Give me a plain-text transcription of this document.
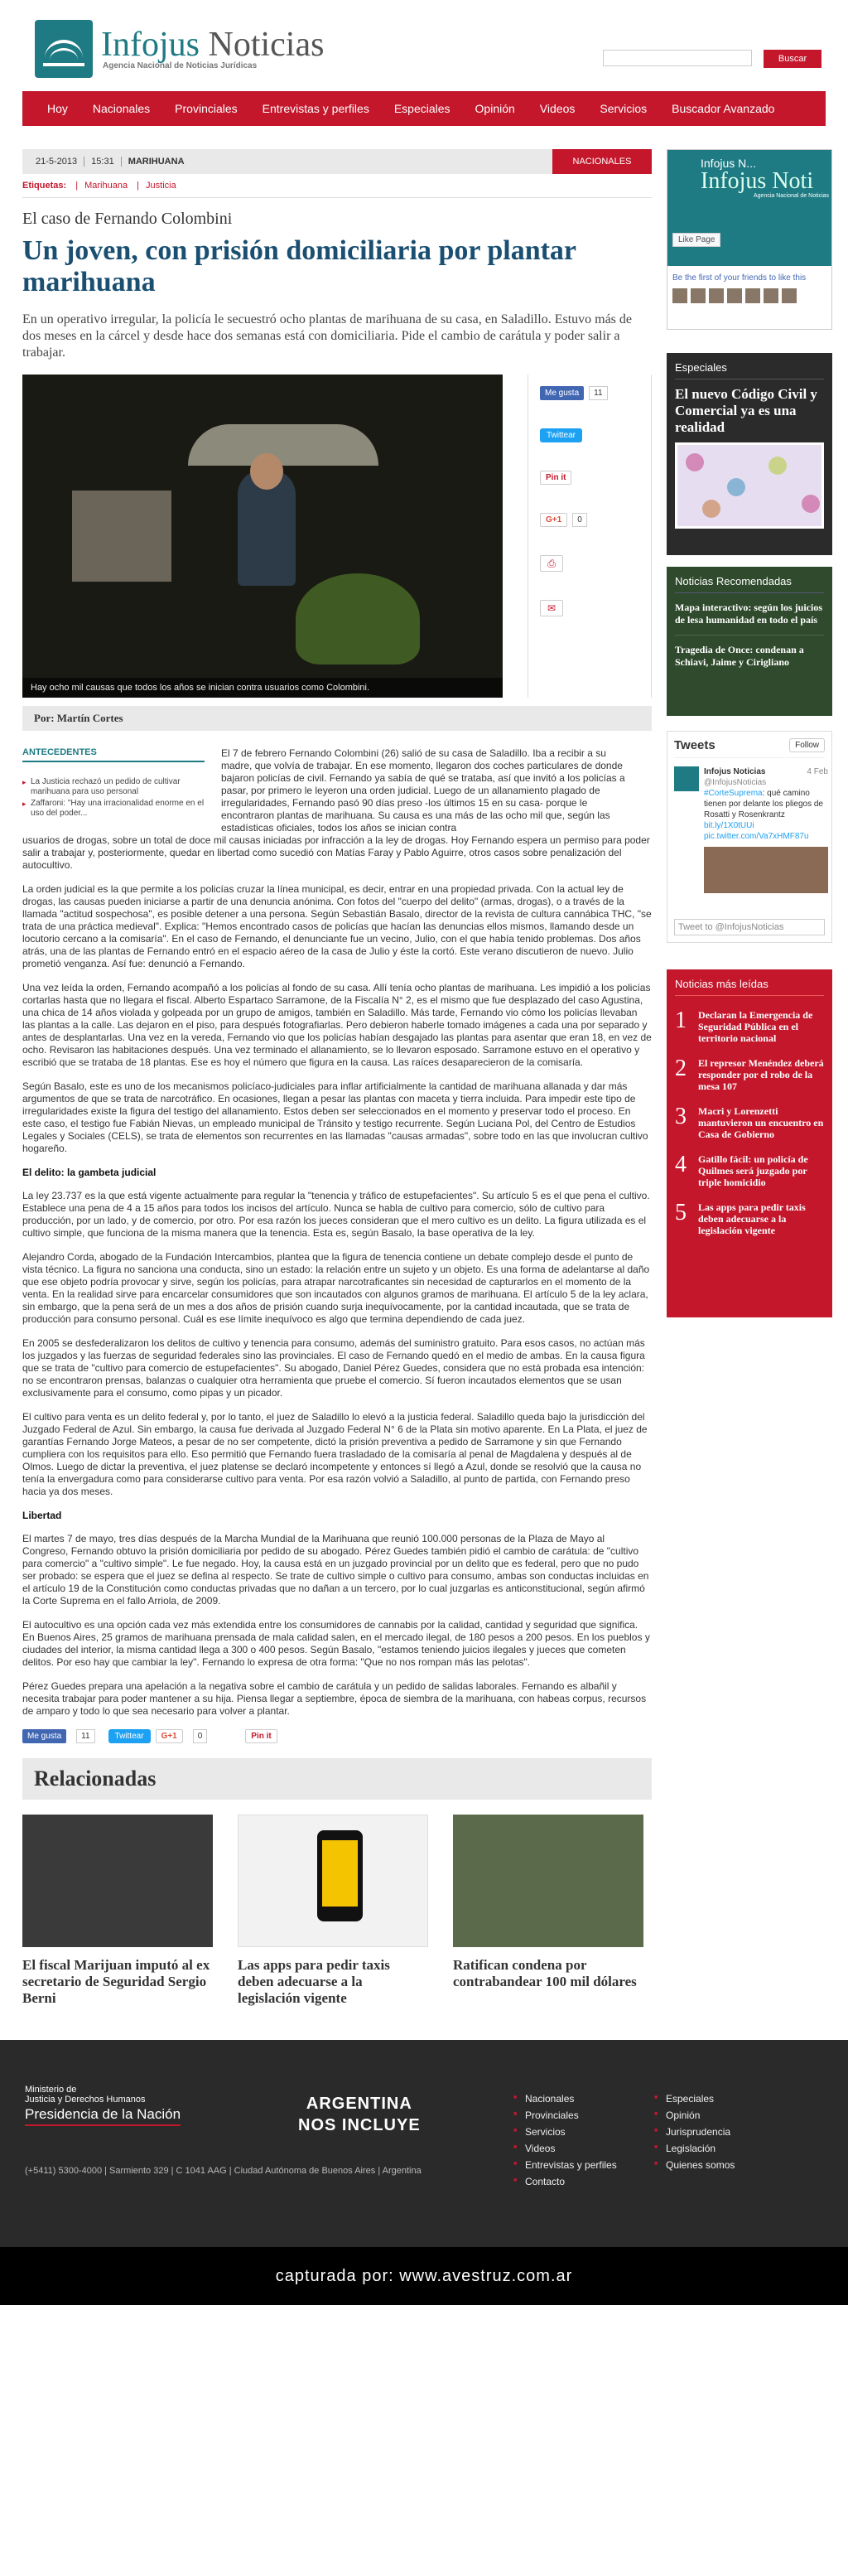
Infojus Noticias
Agencia Nacional de Noticias Jurídicas
Buscar
Hoy	Nacionales	Provinciales	Entrevistas y perfiles	Especiales	Opinión	Videos	Servicios	Buscador Avanzado
21-5-2013	15:31	MARIHUANA	NACIONALES
Etiquetas: | Marihuana | Justicia
El caso de Fernando Colombini
Un joven, con prisión domiciliaria por plantar marihuana

En un operativo irregular, la policía le secuestró ocho plantas de marihuana de su casa, en Saladillo. Estuvo más de dos meses en la cárcel y desde hace dos semanas está con domiciliaria. Pide el cambio de carátula y poder salir a trabajar.

Hay ocho mil causas que todos los años se inician contra usuarios como Colombini.
Me gusta	11
Twittear
Pin it
G+1	0
⎙
✉
Por: Martín Cortes
ANTECEDENTES
▸ La Justicia rechazó un pedido de cultivar marihuana para uso personal
▸ Zaffaroni: "Hay una irracionalidad enorme en el uso del poder...

El 7 de febrero Fernando Colombini (26) salió de su casa de Saladillo. Iba a recibir a su madre, que volvía de trabajar. En ese momento, llegaron dos coches particulares de donde bajaron policías de civil. Fernando ya sabía de qué se trataba, así que invitó a los policías a pasar, por primero le leyeron una orden judicial. Luego de un allanamiento plagado de irregularidades, Fernando pasó 90 días preso -los últimos 15 en su casa- porque le encontraron plantas de marihuana. Su causa es una más de las ocho mil que, según las estadísticas oficiales, todos los años se inician contra

usuarios de drogas, sobre un total de doce mil causas iniciadas por infracción a la ley de drogas. Hoy Fernando espera un permiso para poder salir a trabajar y, posteriormente, quedar en libertad como sucedió con Matías Faray y Pablo Aguirre, otros casos sobre penalización del autocultivo.

La orden judicial es la que permite a los policías cruzar la línea municipal, es decir, entrar en una propiedad privada. Con la actual ley de drogas, las causas pueden iniciarse a partir de una denuncia anónima. Con fotos del "cuerpo del delito" (armas, drogas), o a través de la llamada "actitud sospechosa", es posible detener a una persona. Según Sebastián Basalo, director de la revista de cultura cannábica THC, "se trata de una práctica medieval". Explica: "Hemos encontrado casos de policías que hacían las denuncias ellos mismos, llamando desde un locutorio cercano a la comisaría". En el caso de Fernando, el denunciante fue un vecino, Julio, con el que había tenido problemas. Dos años atrás, una de las plantas de Fernando entró en el espacio aéreo de la casa de Julio y éste la cortó. Este verano discutieron de nuevo. Julio prometió venganza. Así fue: denunció a Fernando.

Una vez leída la orden, Fernando acompañó a los policías al fondo de su casa. Allí tenía ocho plantas de marihuana. Les impidió a los policías cortarlas hasta que no llegara el fiscal. Alberto Espartaco Sarramone, de la Fiscalía N° 2, es el mismo que fue desplazado del caso Agustina, una chica de 14 años violada y golpeada por un grupo de amigos, también en Saladillo. Más tarde, Fernando vio cómo los policías llevaban las plantas a la calle. Las dejaron en el piso, para después fotografiarlas. Pero debieron haberle tomado imágenes a cada una por separado y antes de desplantarlas. Una vez en la vereda, Fernando vio que los policías habían desgajado las plantas para asentar que eran 18, en vez de ocho. Revisaron las habitaciones después. Una vez terminado el allanamiento, se lo llevaron esposado. Sarramone estuvo en el operativo y escribió que se trataba de 18 plantas. Ese es hoy el número que figura en la causa. Las raíces desaparecieron de la comisaría.

Según Basalo, este es uno de los mecanismos policíaco-judiciales para inflar artificialmente la cantidad de marihuana allanada y dar más argumentos de que se trata de narcotráfico. En ocasiones, llegan a pesar las plantas con maceta y tierra incluida. Para impedir este tipo de irregularidades existe la figura del testigo del allanamiento. Estos deben ser seleccionados en el momento y preservar todo el proceso. En este caso, el testigo fue Fabián Nievas, un empleado municipal de Tránsito y testigo recurrente. Según Luciana Pol, del Centro de Estudios Legales y Sociales (CELS), se trata de elementos son recurrentes en las llamadas "causas armadas", sobre todo en las que involucran cultivo hogareño.

El delito: la gambeta judicial

La ley 23.737 es la que está vigente actualmente para regular la "tenencia y tráfico de estupefacientes". Su artículo 5 es el que pena el cultivo. Establece una pena de 4 a 15 años para todos los incisos del artículo. Nunca se habla de cultivo para comercio, sólo de cultivo para producción, por un lado, y de comercio, por otro. Por esa razón los jueces consideran que el mero cultivo es un delito. La figura utilizada es el cultivo simple, que funciona de la misma manera que la tenencia. Esta es, según Basalo, la base operativa de la ley.

Alejandro Corda, abogado de la Fundación Intercambios, plantea que la figura de tenencia contiene un debate complejo desde el punto de vista técnico. La figura no sanciona una conducta, sino un estado: la relación entre un sujeto y un objeto. Es una forma de adelantarse al daño que ese objeto podría provocar y sirve, según los policías, para atrapar narcotraficantes sin necesidad de capturarlos en el momento de la venta. En la realidad sirve para encarcelar consumidores que son incautados con algunos gramos de marihuana. El artículo 5 de la ley aclara, sin embargo, que la pena será de un mes a dos años de prisión cuando surja inequívocamente, por la cantidad incautada, que se trata de producción para consumo personal. Cuál es ese límite inequívoco es algo que termina dependiendo de cada juez.

En 2005 se desfederalizaron los delitos de cultivo y tenencia para consumo, además del suministro gratuito. Para esos casos, no actúan más los juzgados y las fuerzas de seguridad federales sino las provinciales. El caso de Fernando quedó en el medio de ambas. En la causa figura que se trata de "cultivo para comercio de estupefacientes". Su abogado, Daniel Pérez Guedes, considera que no está probada esa intención: no se encontraron prensas, balanzas o cualquier otra herramienta que pruebe el comercio. Sí fueron incautados elementos que se usan exclusivamente para el consumo, como pipas y un picador.

El cultivo para venta es un delito federal y, por lo tanto, el juez de Saladillo lo elevó a la justicia federal. Saladillo queda bajo la jurisdicción del Juzgado Federal de Azul. Sin embargo, la causa fue derivada al Juzgado Federal N° 6 de la Plata sin motivo aparente. En La Plata, el juez de garantías Fernando Jorge Mateos, a pesar de no ser competente, dictó la prisión preventiva a pedido de Sarramone y sin que Fernando cumpliera con los requisitos para ello. Eso permitió que Fernando fuera trasladado de la comisaría al penal de Magdalena y después al de Olmos. Luego de dictar la preventiva, el juez platense se declaró incompetente y entonces sí llegó a Azul, donde se resolvió que la causa no tenía la envergadura como para considerarse cultivo para venta. Por esa razón volvió a Saladillo, al punto de partida, con Fernando preso hacia ya dos meses.

Libertad

El martes 7 de mayo, tres días después de la Marcha Mundial de la Marihuana que reunió 100.000 personas de la Plaza de Mayo al Congreso, Fernando obtuvo la prisión domiciliaria por pedido de su abogado. Pérez Guedes también pidió el cambio de carátula: de "cultivo para comercio" a "cultivo simple". Le fue negado. Hoy, la causa está en un juzgado provincial por un delito que es federal, pero que no pudo ser probado: se espera que el juez se defina al respecto. Se trate de cultivo simple o cultivo para consumo, ambas son conductas incluidas en el artículo 19 de la Constitución como conductas privadas que no dañan a un tercero, por lo cual juzgarlas es anticonstitucional, según afirmó la Corte Suprema en el fallo Arriola, de 2009.

El autocultivo es una opción cada vez más extendida entre los consumidores de cannabis por la calidad, cantidad y seguridad que significa. En Buenos Aires, 25 gramos de marihuana prensada de mala calidad salen, en el mercado ilegal, de 180 pesos a 200 pesos. En los pueblos y ciudades del interior, la misma cantidad llega a 300 o 400 pesos. Según Basalo, "estamos teniendo juicios ilegales y jueces que cometen delitos. Por eso hay que cambiar la ley". Fernando lo expresa de otra forma: "Que no nos rompan más las pelotas".

Pérez Guedes prepara una apelación a la negativa sobre el cambio de carátula y un pedido de salidas laborales. Fernando es albañil y necesita trabajar para poder mantener a su hija. Piensa llegar a septiembre, época de siembra de la marihuana, con habeas corpus, recursos de amparo y todo lo que sea necesario para volver a plantar.

Me gusta	11	Twittear	G+1	0	Pin it
Relacionadas
El fiscal Marijuan imputó al ex secretario de Seguridad Sergio Berni
Las apps para pedir taxis deben adecuarse a la legislación vigente
Ratifican condena por contrabandear 100 mil dólares
Infojus N...
Infojus Noti
Agencia Nacional de Noticias
Like Page
Be the first of your friends to like this
Especiales
El nuevo Código Civil y Comercial ya es una realidad
Noticias Recomendadas
Mapa interactivo: según los juicios de lesa humanidad en todo el país
Tragedia de Once: condenan a Schiavi, Jaime y Cirigliano
Tweets	Follow
Infojus Noticias	4 Feb
@InfojusNoticias
#CorteSuprema: qué camino tienen por delante los pliegos de Rosatti y Rosenkrantz bit.ly/1X0tUUi
pic.twitter.com/Va7xHMF87u
Tweet to @InfojusNoticias
Noticias más leídas
1	Declaran la Emergencia de Seguridad Pública en el territorio nacional
2	El represor Menéndez deberá responder por el robo de la mesa 107
3	Macri y Lorenzetti mantuvieron un encuentro en Casa de Gobierno
4	Gatillo fácil: un policía de Quilmes será juzgado por triple homicidio
5	Las apps para pedir taxis deben adecuarse a la legislación vigente
Ministerio de
Justicia y Derechos Humanos
Presidencia de la Nación
(+5411) 5300-4000 | Sarmiento 329 | C 1041 AAG | Ciudad Autónoma de Buenos Aires | Argentina
ARGENTINA
NOS INCLUYE
■ Nacionales
■ Provinciales
■ Servicios
■ Videos
■ Entrevistas y perfiles
■ Contacto
■ Especiales
■ Opinión
■ Jurisprudencia
■ Legislación
■ Quienes somos
capturada por: www.avestruz.com.ar
